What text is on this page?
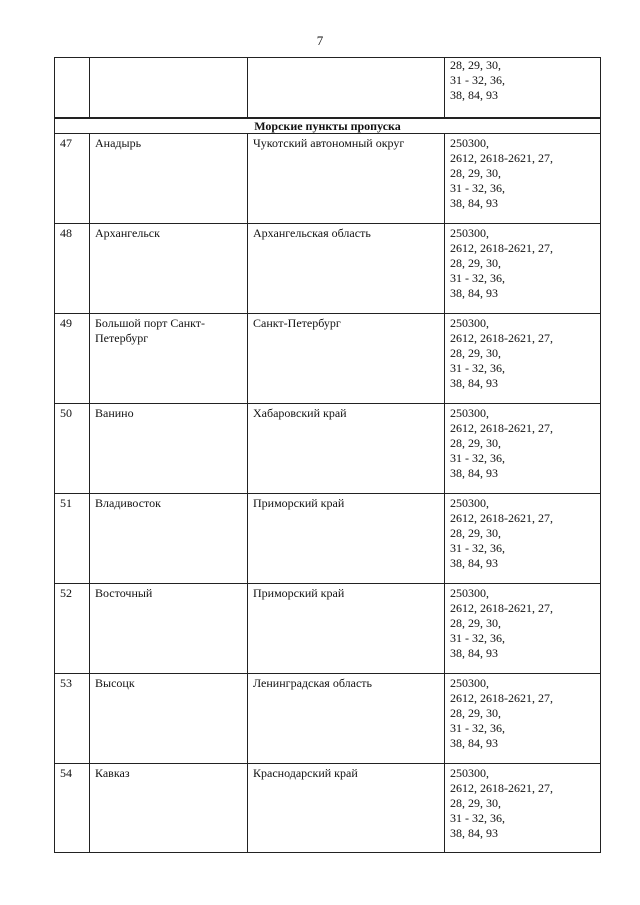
7

			28, 29, 30,
31 - 32, 36,
38, 84, 93

Морские пункты пропуска			
47	Анадырь	Чукотский автономный округ	250300,
2612, 2618-2621, 27,
28, 29, 30,
31 - 32, 36,
38, 84, 93

48	Архангельск	Архангельская область	250300,
2612, 2618-2621, 27,
28, 29, 30,
31 - 32, 36,
38, 84, 93

49	Большой порт Санкт-
Петербург	Санкт-Петербург	250300,
2612, 2618-2621, 27,
28, 29, 30,
31 - 32, 36,
38, 84, 93

50	Ванино	Хабаровский край	250300,
2612, 2618-2621, 27,
28, 29, 30,
31 - 32, 36,
38, 84, 93

51	Владивосток	Приморский край	250300,
2612, 2618-2621, 27,
28, 29, 30,
31 - 32, 36,
38, 84, 93

52	Восточный	Приморский край	250300,
2612, 2618-2621, 27,
28, 29, 30,
31 - 32, 36,
38, 84, 93

53	Высоцк	Ленинградская область	250300,
2612, 2618-2621, 27,
28, 29, 30,
31 - 32, 36,
38, 84, 93

54	Кавказ	Краснодарский край	250300,
2612, 2618-2621, 27,
28, 29, 30,
31 - 32, 36,
38, 84, 93
